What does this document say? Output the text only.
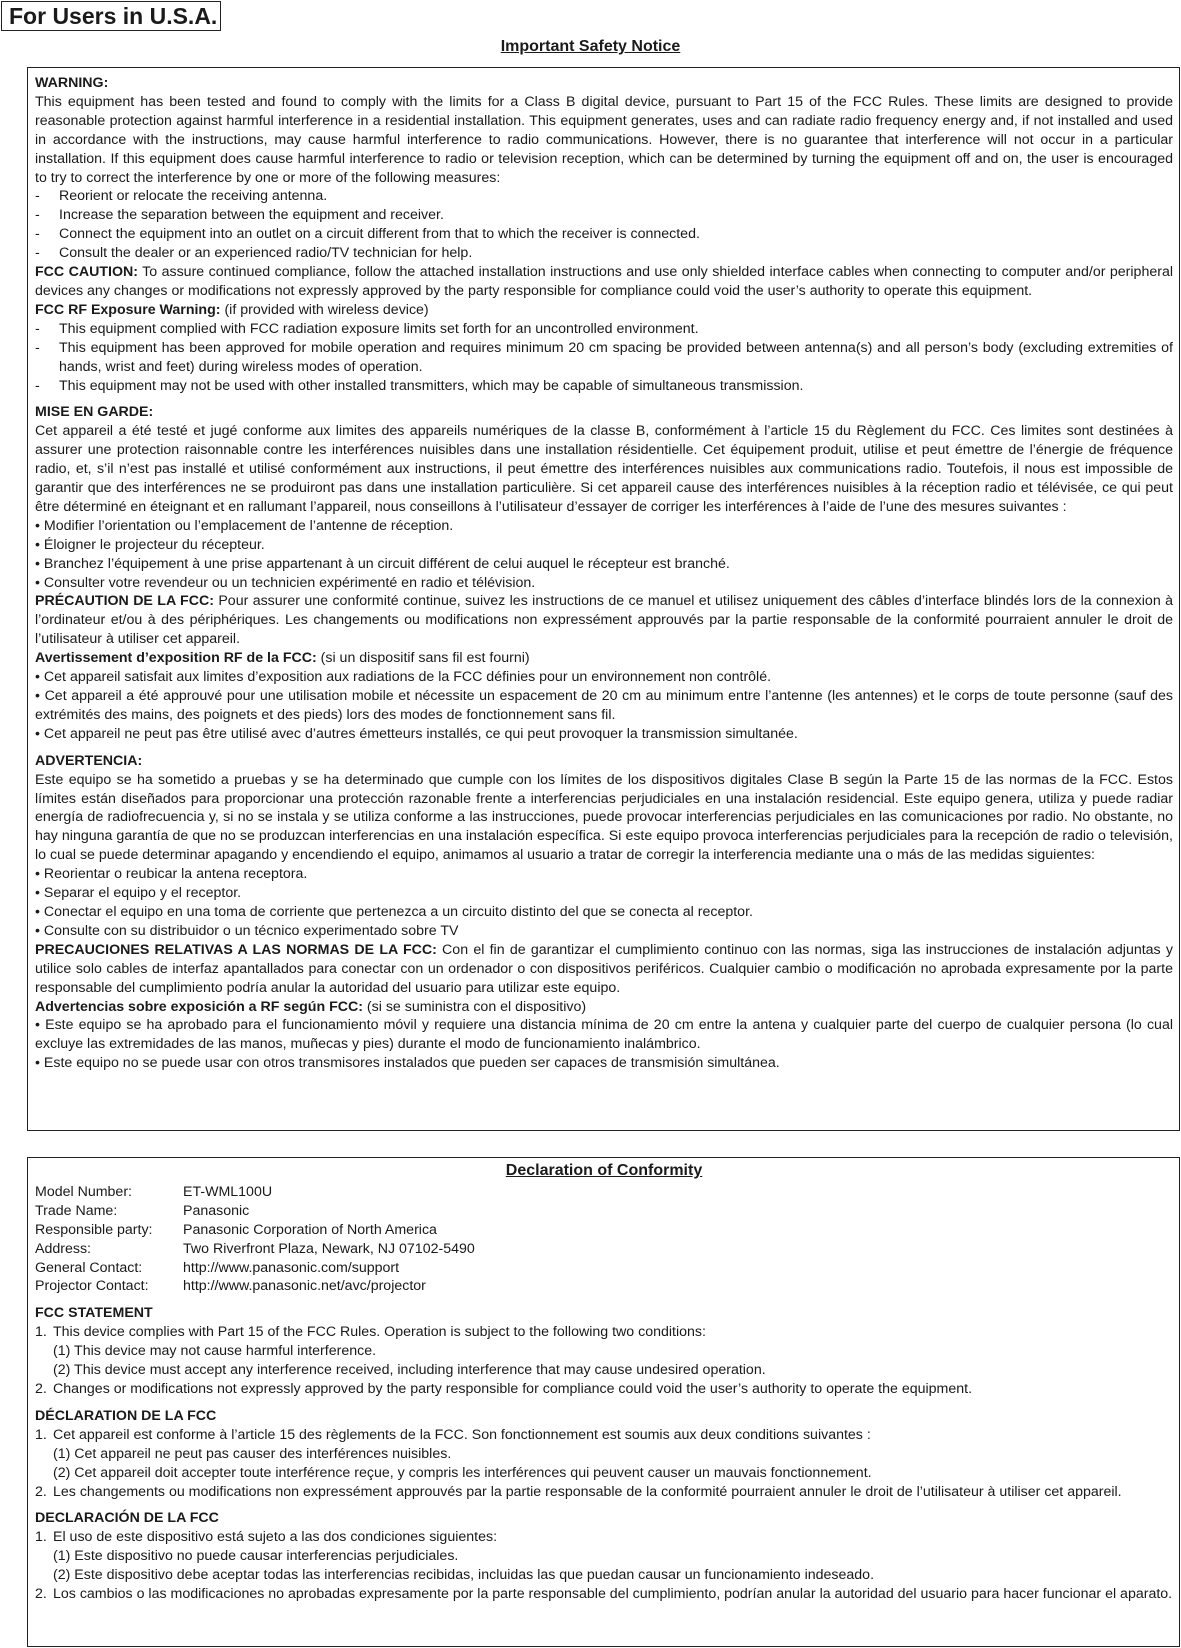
For Users in U.S.A.
Important Safety Notice
WARNING:

This equipment has been tested and found to comply with the limits for a Class B digital device, pursuant to Part 15 of the FCC Rules. These limits are designed to provide reasonable protection against harmful interference in a residential installation. This equipment generates, uses and can radiate radio frequency energy and, if not installed and used in accordance with the instructions, may cause harmful interference to radio communications. However, there is no guarantee that interference will not occur in a particular installation. If this equipment does cause harmful interference to radio or television reception, which can be determined by turning the equipment off and on, the user is encouraged to try to correct the interference by one or more of the following measures:

-	Reorient or relocate the receiving antenna.
-	Increase the separation between the equipment and receiver.
-	Connect the equipment into an outlet on a circuit different from that to which the receiver is connected.
-	Consult the dealer or an experienced radio/TV technician for help.

FCC CAUTION: To assure continued compliance, follow the attached installation instructions and use only shielded interface cables when connecting to computer and/or peripheral devices any changes or modifications not expressly approved by the party responsible for compliance could void the user’s authority to operate this equipment.

FCC RF Exposure Warning: (if provided with wireless device)

-	This equipment complied with FCC radiation exposure limits set forth for an uncontrolled environment.
-	This equipment has been approved for mobile operation and requires minimum 20 cm spacing be provided between antenna(s) and all person’s body (excluding extremities of hands, wrist and feet) during wireless modes of operation.
-	This equipment may not be used with other installed transmitters, which may be capable of simultaneous transmission.
MISE EN GARDE:

Cet appareil a été testé et jugé conforme aux limites des appareils numériques de la classe B, conformément à l’article 15 du Règlement du FCC. Ces limites sont destinées à assurer une protection raisonnable contre les interférences nuisibles dans une installation résidentielle. Cet équipement produit, utilise et peut émettre de l’énergie de fréquence radio, et, s’il n’est pas installé et utilisé conformément aux instructions, il peut émettre des interférences nuisibles aux communications radio. Toutefois, il nous est impossible de garantir que des interférences ne se produiront pas dans une installation particulière. Si cet appareil cause des interférences nuisibles à la réception radio et télévisée, ce qui peut être déterminé en éteignant et en rallumant l’appareil, nous conseillons à l’utilisateur d’essayer de corriger les interférences à l’aide de l’une des mesures suivantes :

• Modifier l’orientation ou l’emplacement de l’antenne de réception.

• Éloigner le projecteur du récepteur.

• Branchez l’équipement à une prise appartenant à un circuit différent de celui auquel le récepteur est branché.

• Consulter votre revendeur ou un technicien expérimenté en radio et télévision.

PRÉCAUTION DE LA FCC: Pour assurer une conformité continue, suivez les instructions de ce manuel et utilisez uniquement des câbles d’interface blindés lors de la connexion à l’ordinateur et/ou à des périphériques. Les changements ou modifications non expressément approuvés par la partie responsable de la conformité pourraient annuler le droit de l’utilisateur à utiliser cet appareil.

Avertissement d’exposition RF de la FCC: (si un dispositif sans fil est fourni)

• Cet appareil satisfait aux limites d’exposition aux radiations de la FCC définies pour un environnement non contrôlé.

• Cet appareil a été approuvé pour une utilisation mobile et nécessite un espacement de 20 cm au minimum entre l’antenne (les antennes) et le corps de toute personne (sauf des extrémités des mains, des poignets et des pieds) lors des modes de fonctionnement sans fil.

• Cet appareil ne peut pas être utilisé avec d’autres émetteurs installés, ce qui peut provoquer la transmission simultanée.

ADVERTENCIA:

Este equipo se ha sometido a pruebas y se ha determinado que cumple con los límites de los dispositivos digitales Clase B según la Parte 15 de las normas de la FCC. Estos límites están diseñados para proporcionar una protección razonable frente a interferencias perjudiciales en una instalación residencial. Este equipo genera, utiliza y puede radiar energía de radiofrecuencia y, si no se instala y se utiliza conforme a las instrucciones, puede provocar interferencias perjudiciales en las comunicaciones por radio. No obstante, no hay ninguna garantía de que no se produzcan interferencias en una instalación específica. Si este equipo provoca interferencias perjudiciales para la recepción de radio o televisión, lo cual se puede determinar apagando y encendiendo el equipo, animamos al usuario a tratar de corregir la interferencia mediante una o más de las medidas siguientes:

• Reorientar o reubicar la antena receptora.

• Separar el equipo y el receptor.

• Conectar el equipo en una toma de corriente que pertenezca a un circuito distinto del que se conecta al receptor.

• Consulte con su distribuidor o un técnico experimentado sobre TV

PRECAUCIONES RELATIVAS A LAS NORMAS DE LA FCC: Con el fin de garantizar el cumplimiento continuo con las normas, siga las instrucciones de instalación adjuntas y utilice solo cables de interfaz apantallados para conectar con un ordenador o con dispositivos periféricos. Cualquier cambio o modificación no aprobada expresamente por la parte responsable del cumplimiento podría anular la autoridad del usuario para utilizar este equipo.

Advertencias sobre exposición a RF según FCC: (si se suministra con el dispositivo)

• Este equipo se ha aprobado para el funcionamiento móvil y requiere una distancia mínima de 20 cm entre la antena y cualquier parte del cuerpo de cualquier persona (lo cual excluye las extremidades de las manos, muñecas y pies) durante el modo de funcionamiento inalámbrico.

• Este equipo no se puede usar con otros transmisores instalados que pueden ser capaces de transmisión simultánea.

Declaration of Conformity
Model Number:	ET-WML100U
Trade Name:	Panasonic
Responsible party:	Panasonic Corporation of North America
Address:	Two Riverfront Plaza, Newark, NJ 07102-5490
General Contact:	http://www.panasonic.com/support
Projector Contact:	http://www.panasonic.net/avc/projector
FCC STATEMENT
1. This device complies with Part 15 of the FCC Rules. Operation is subject to the following two conditions:
(1) This device may not cause harmful interference.
(2) This device must accept any interference received, including interference that may cause undesired operation.
2. Changes or modifications not expressly approved by the party responsible for compliance could void the user’s authority to operate the equipment.
DÉCLARATION DE LA FCC
1. Cet appareil est conforme à l’article 15 des règlements de la FCC. Son fonctionnement est soumis aux deux conditions suivantes :
(1) Cet appareil ne peut pas causer des interférences nuisibles.
(2) Cet appareil doit accepter toute interférence reçue, y compris les interférences qui peuvent causer un mauvais fonctionnement.
2. Les changements ou modifications non expressément approuvés par la partie responsable de la conformité pourraient annuler le droit de l’utilisateur à utiliser cet appareil.
DECLARACIÓN DE LA FCC
1. El uso de este dispositivo está sujeto a las dos condiciones siguientes:
(1) Este dispositivo no puede causar interferencias perjudiciales.
(2) Este dispositivo debe aceptar todas las interferencias recibidas, incluidas las que puedan causar un funcionamiento indeseado.
2. Los cambios o las modificaciones no aprobadas expresamente por la parte responsable del cumplimiento, podrían anular la autoridad del usuario para hacer funcionar el aparato.
